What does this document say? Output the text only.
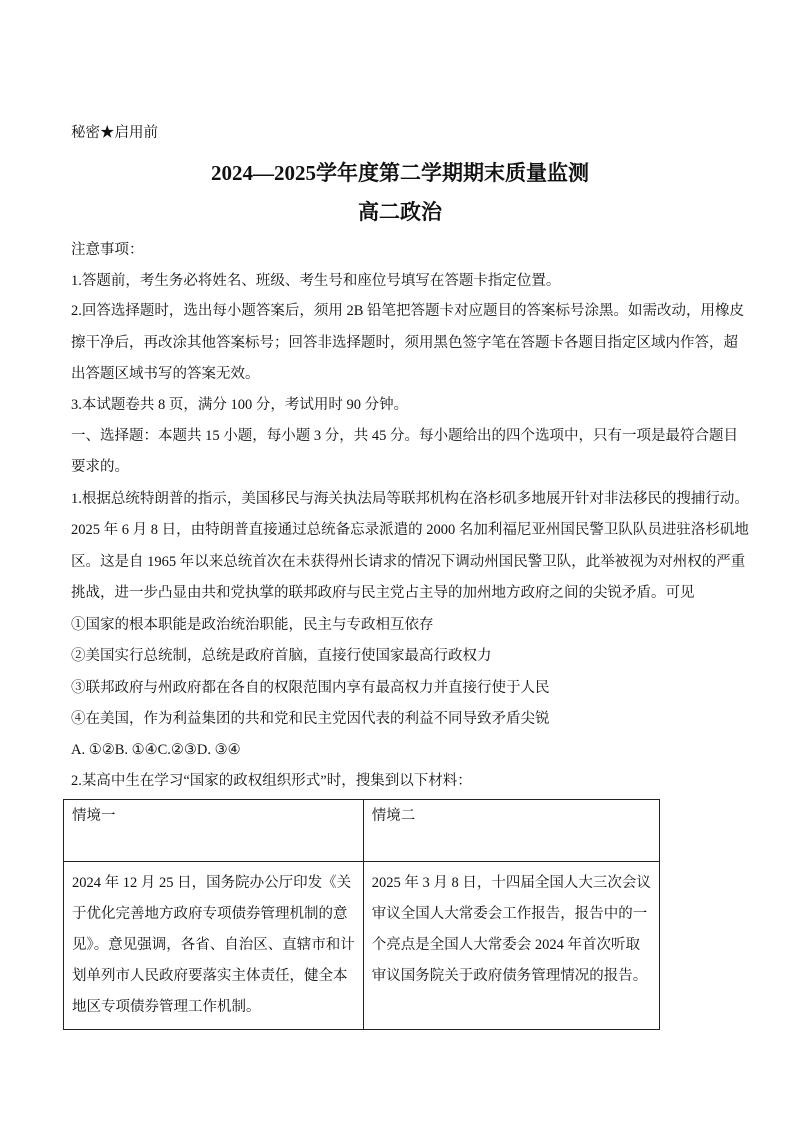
秘密★启用前
2024—2025学年度第二学期期末质量监测
高二政治
注意事项：
1.答题前，考生务必将姓名、班级、考生号和座位号填写在答题卡指定位置。
2.回答选择题时，选出每小题答案后，须用 2B 铅笔把答题卡对应题目的答案标号涂黑。如需改动，用橡皮
擦干净后，再改涂其他答案标号；回答非选择题时，须用黑色签字笔在答题卡各题目指定区域内作答，超
出答题区域书写的答案无效。
3.本试题卷共 8 页，满分 100 分，考试用时 90 分钟。
一、选择题：本题共 15 小题，每小题 3 分，共 45 分。每小题给出的四个选项中，只有一项是最符合题目
要求的。
1.根据总统特朗普的指示，美国移民与海关执法局等联邦机构在洛杉矶多地展开针对非法移民的搜捕行动。
2025 年 6 月 8 日，由特朗普直接通过总统备忘录派遣的 2000 名加利福尼亚州国民警卫队队员进驻洛杉矶地
区。这是自 1965 年以来总统首次在未获得州长请求的情况下调动州国民警卫队，此举被视为对州权的严重
挑战，进一步凸显由共和党执掌的联邦政府与民主党占主导的加州地方政府之间的尖锐矛盾。可见
①国家的根本职能是政治统治职能，民主与专政相互依存
②美国实行总统制，总统是政府首脑，直接行使国家最高行政权力
③联邦政府与州政府都在各自的权限范围内享有最高权力并直接行使于人民
④在美国，作为利益集团的共和党和民主党因代表的利益不同导致矛盾尖锐
A. ①②B. ①④C.②③D. ③④
2.某高中生在学习“国家的政权组织形式”时，搜集到以下材料：
情境一	情境二

2024 年 12 月 25 日，国务院办公厅印发《关
于优化完善地方政府专项债券管理机制的意
见》。意见强调，各省、自治区、直辖市和计
划单列市人民政府要落实主体责任，健全本
地区专项债券管理工作机制。	2025 年 3 月 8 日，十四届全国人大三次会议
审议全国人大常委会工作报告，报告中的一
个亮点是全国人大常委会 2024 年首次听取
审议国务院关于政府债务管理情况的报告。
